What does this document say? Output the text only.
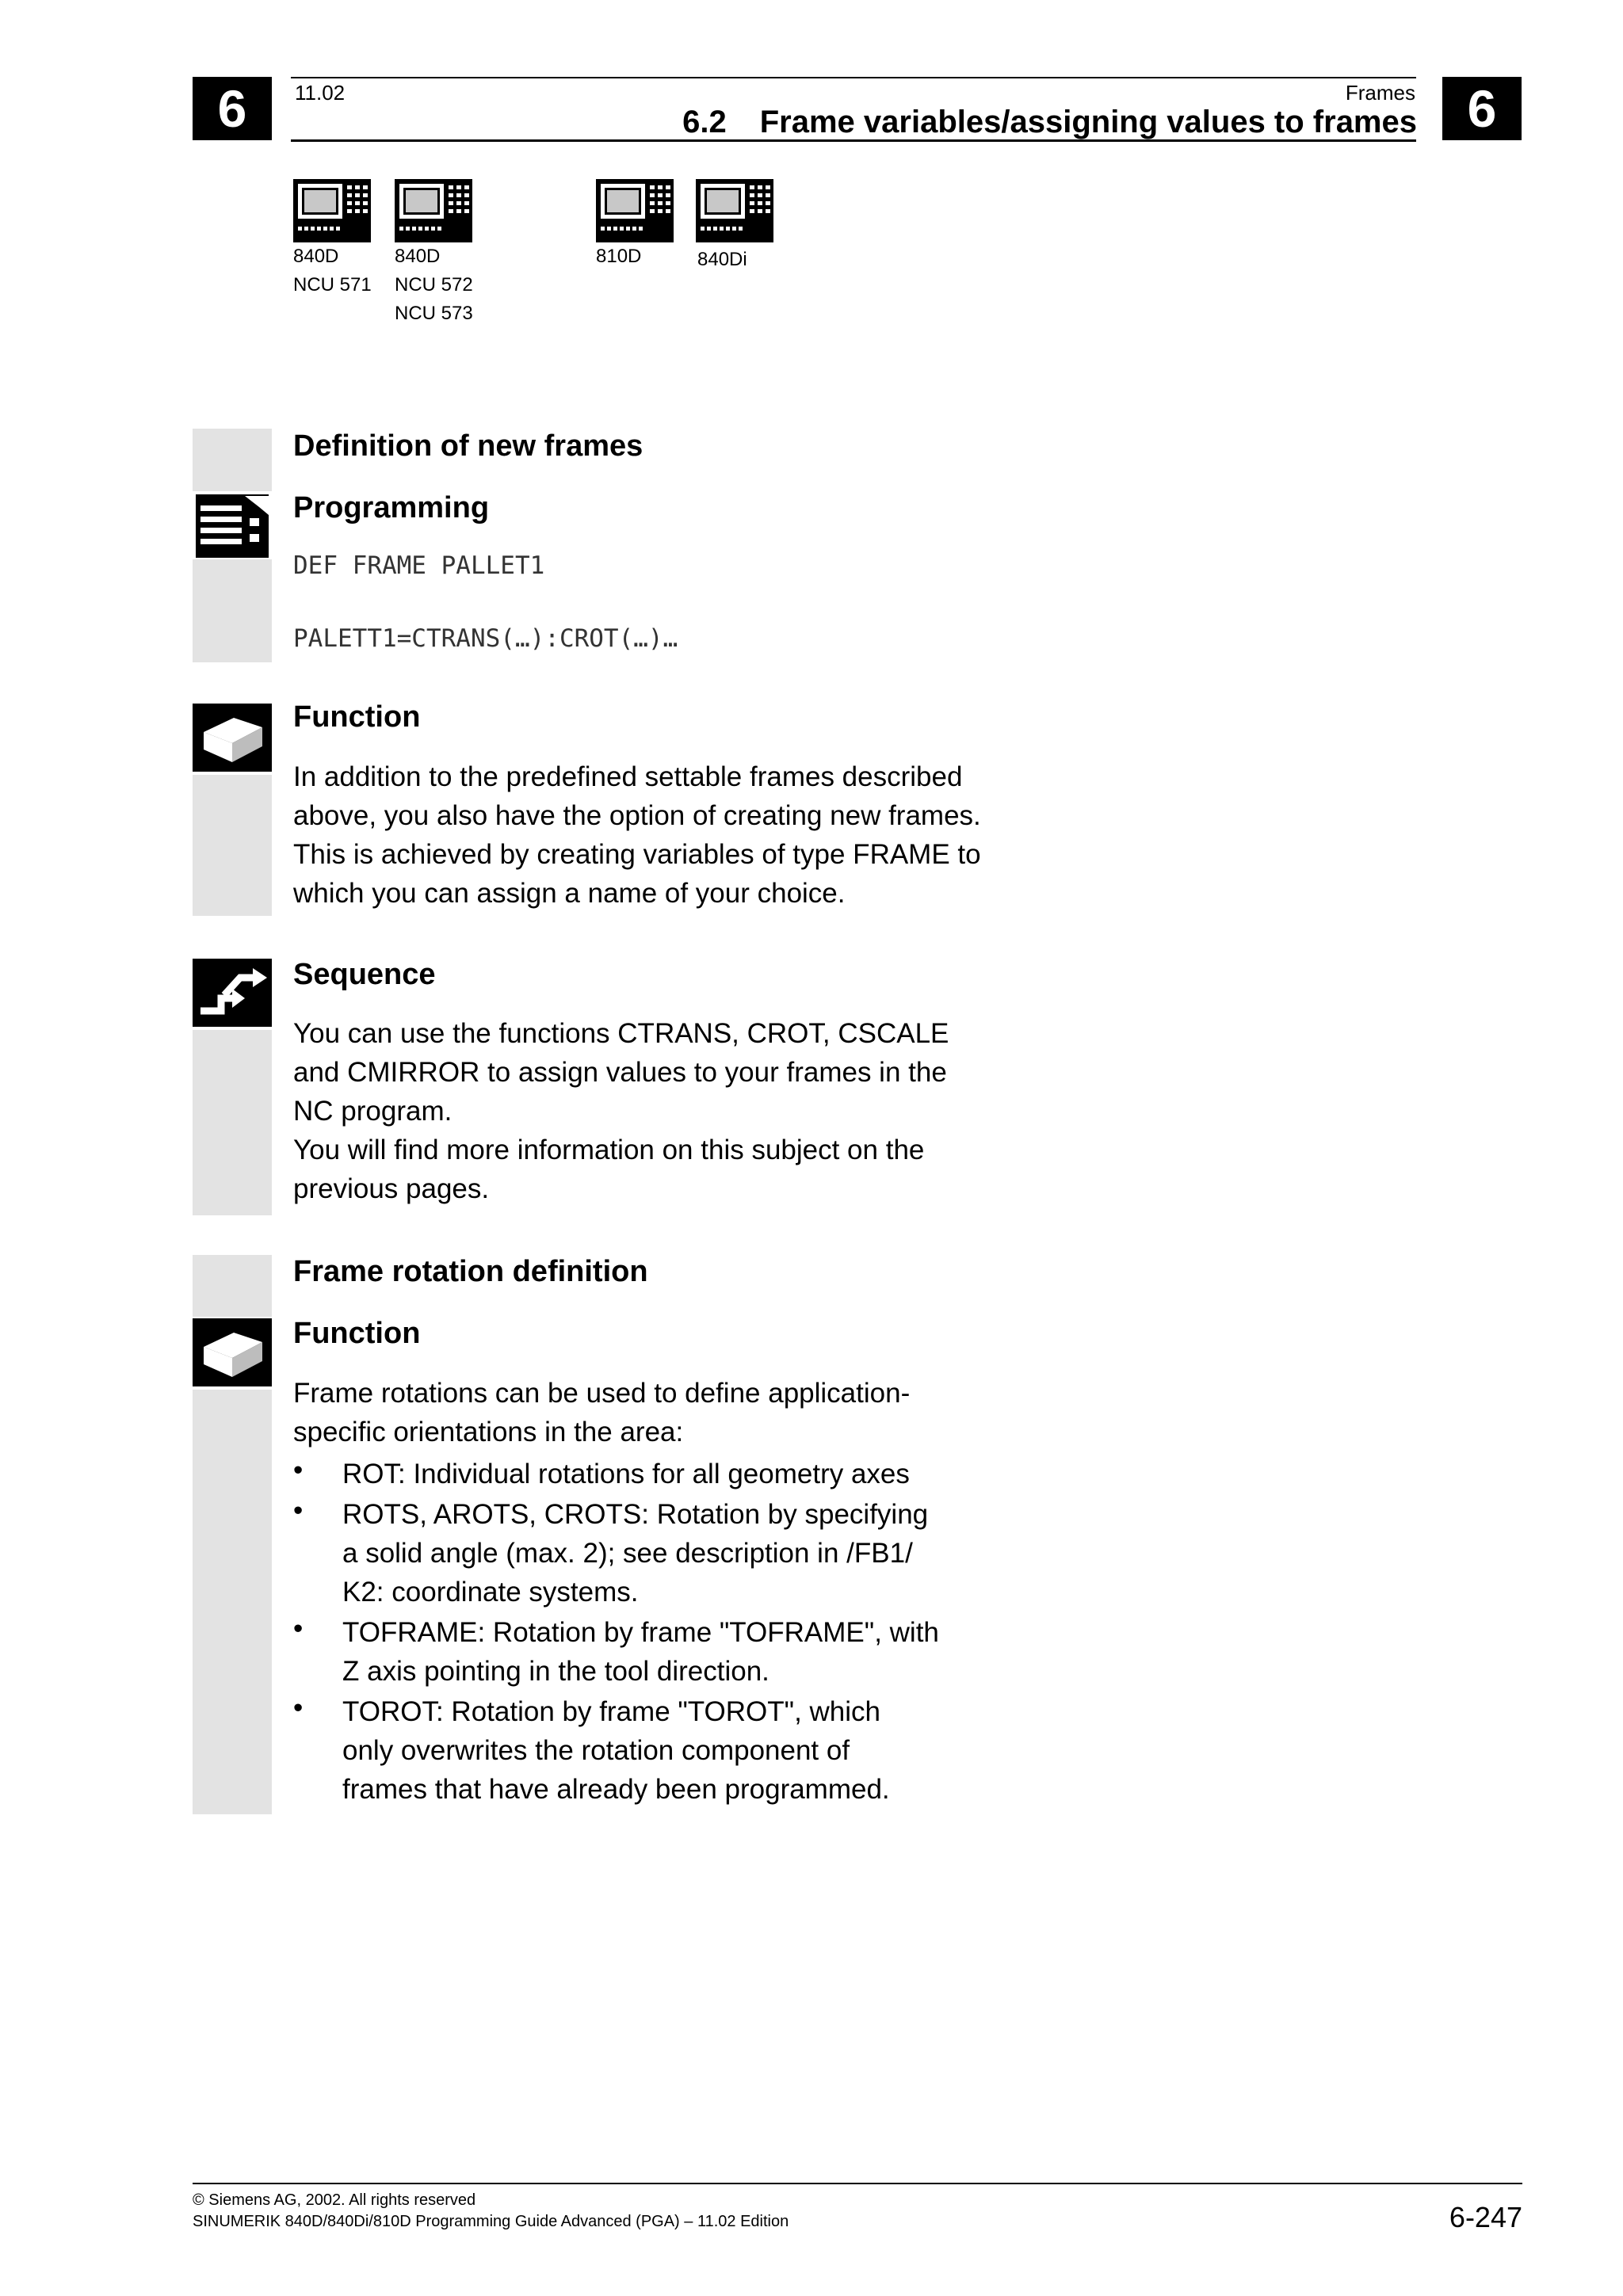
6	6
11.02	Frames
6.2 Frame variables/assigning values to frames
840D
NCU 571
840D
NCU 572
NCU 573
810D	840Di
Definition of new frames
Programming
DEF FRAME PALLET1
PALETT1=CTRANS(…):CROT(…)…
Function
In addition to the predefined settable frames described
above, you also have the option of creating new frames.
This is achieved by creating variables of type FRAME to
which you can assign a name of your choice.
Sequence
You can use the functions CTRANS, CROT, CSCALE
and CMIRROR to assign values to your frames in the
NC program.
You will find more information on this subject on the
previous pages.
Frame rotation definition
Function
Frame rotations can be used to define application-
specific orientations in the area:
• ROT: Individual rotations for all geometry axes
• ROTS, AROTS, CROTS: Rotation by specifying
a solid angle (max. 2); see description in /FB1/
K2: coordinate systems.
• TOFRAME: Rotation by frame "TOFRAME", with
Z axis pointing in the tool direction.
• TOROT: Rotation by frame "TOROT", which
only overwrites the rotation component of
frames that have already been programmed.
© Siemens AG, 2002. All rights reserved
SINUMERIK 840D/840Di/810D Programming Guide Advanced (PGA) – 11.02 Edition	6-247
